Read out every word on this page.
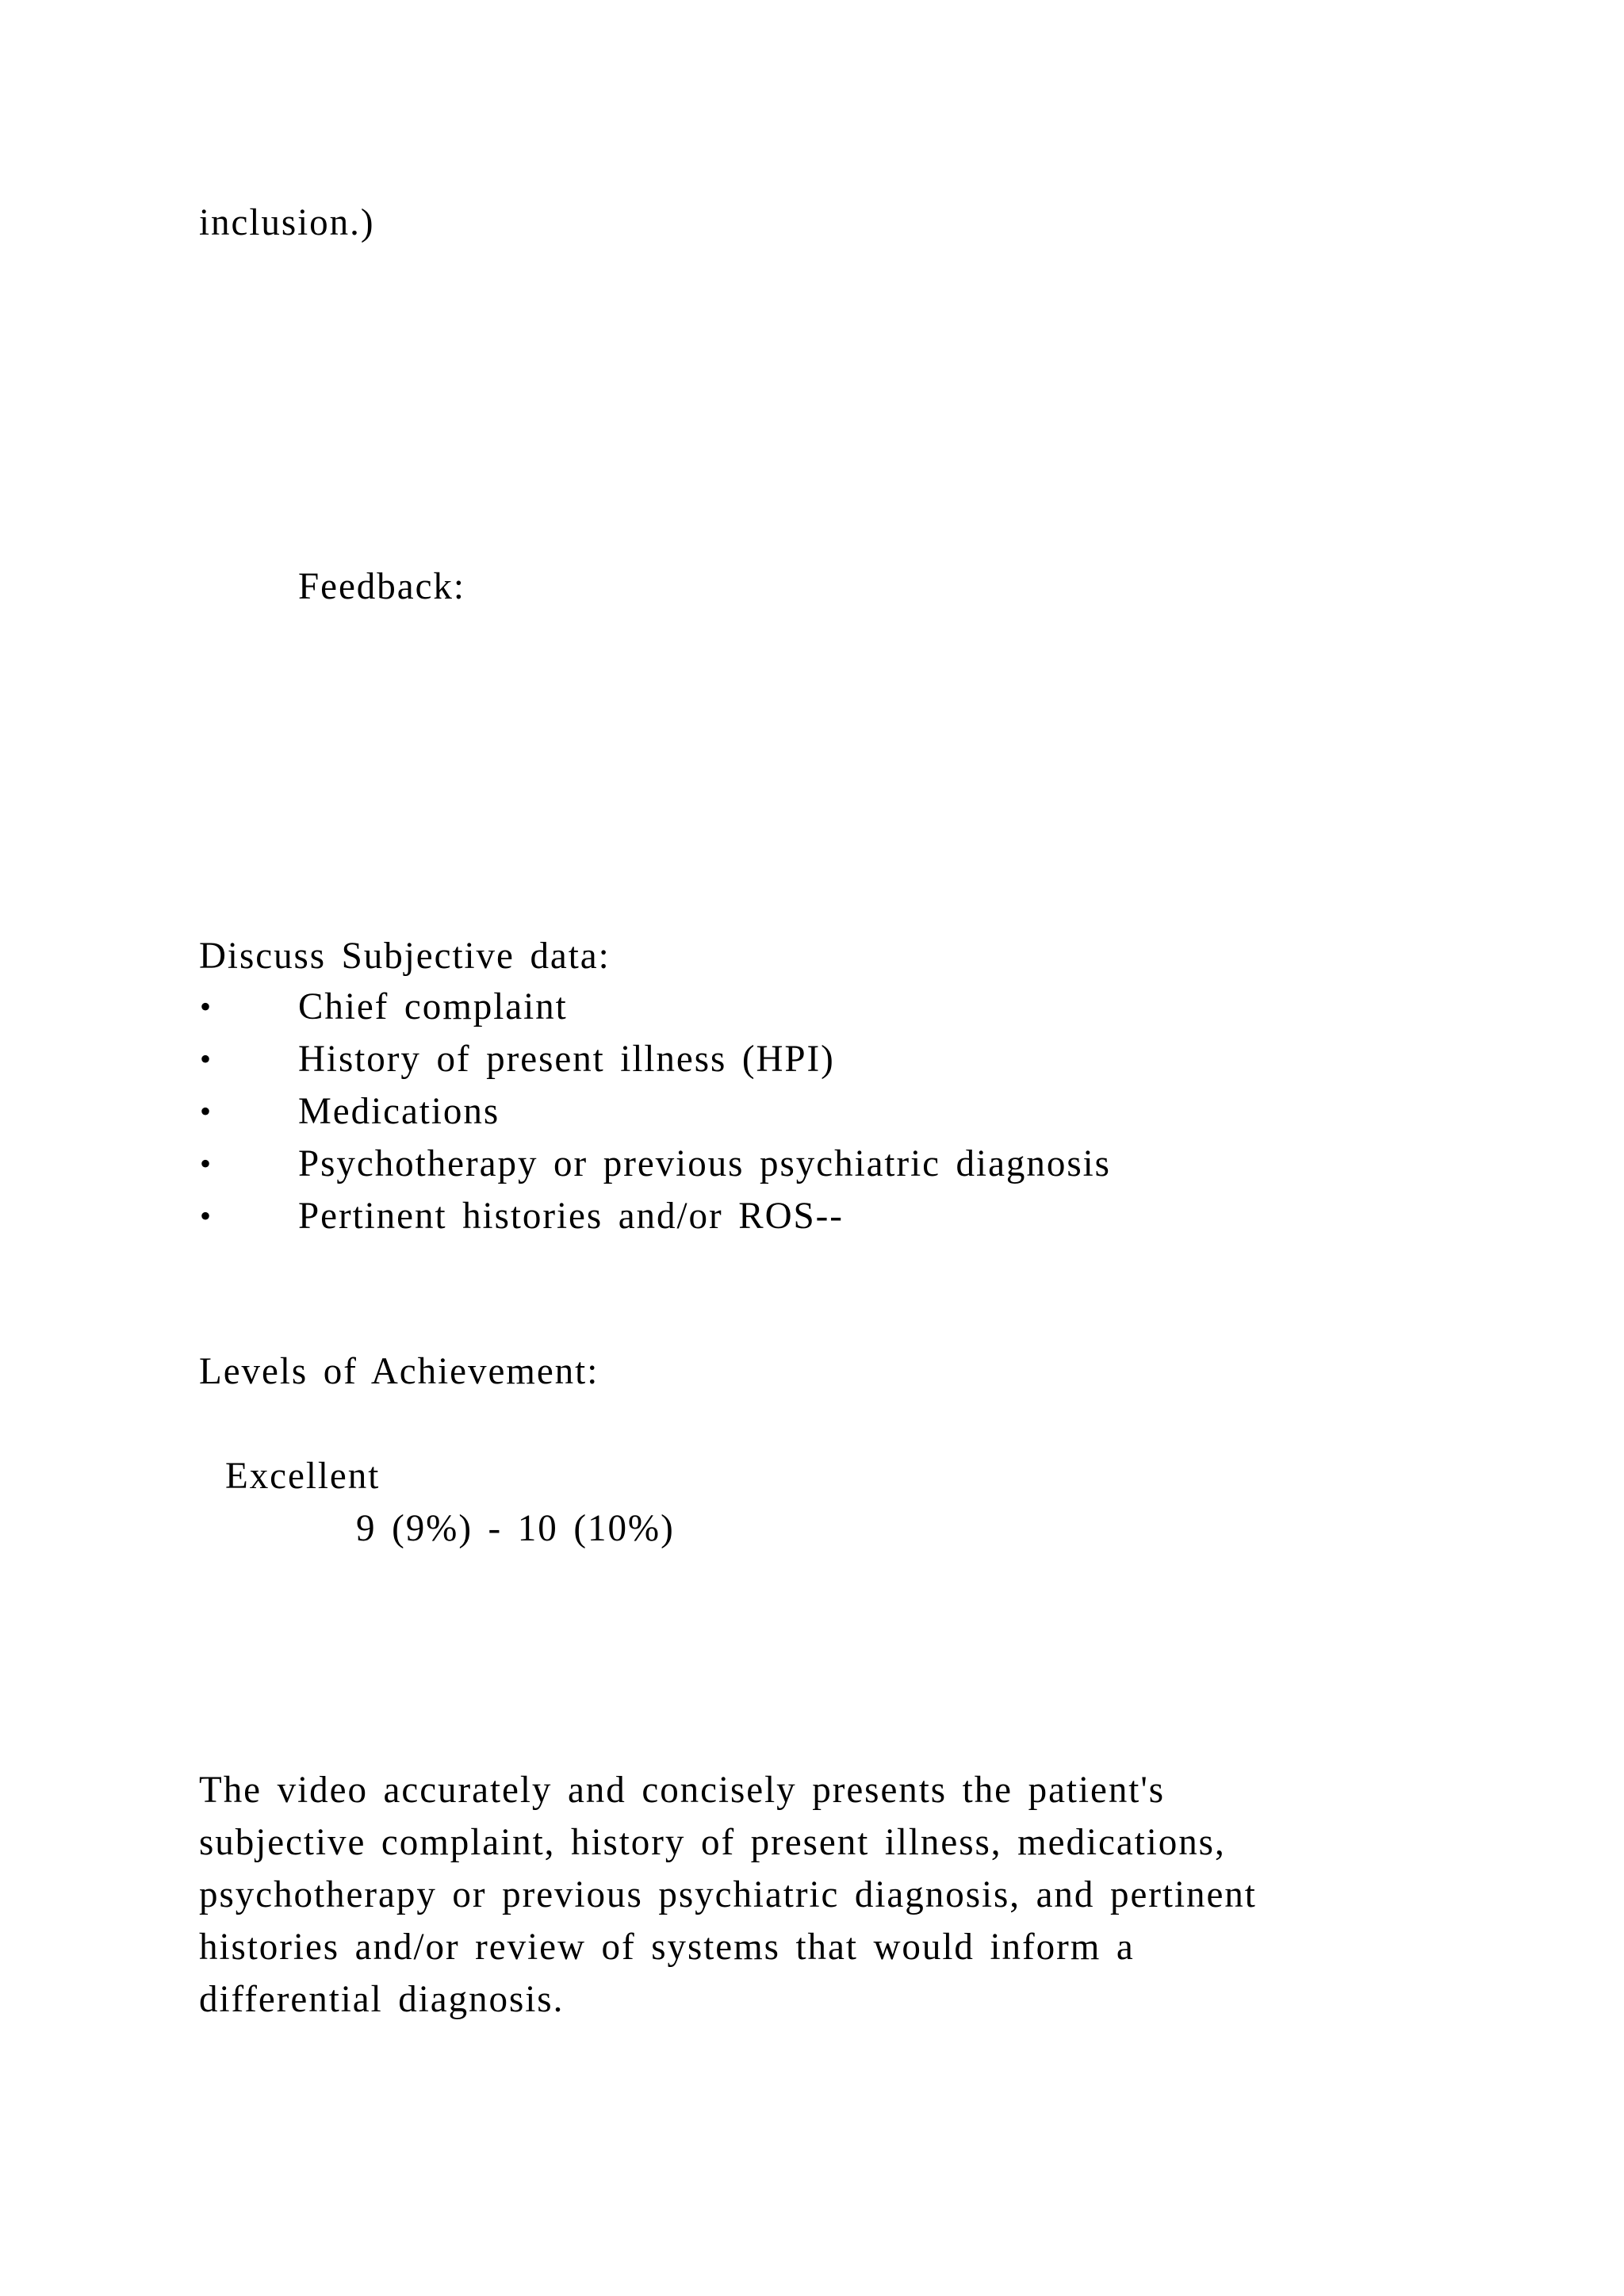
inclusion.)
Feedback:
Discuss Subjective data:
• Chief complaint
• History of present illness (HPI)
• Medications
• Psychotherapy or previous psychiatric diagnosis
• Pertinent histories and/or ROS--
Levels of Achievement:
Excellent
9 (9%) - 10 (10%)
The video accurately and concisely presents the patient's
subjective complaint, history of present illness, medications,
psychotherapy or previous psychiatric diagnosis, and pertinent
histories and/or review of systems that would inform a
differential diagnosis.
